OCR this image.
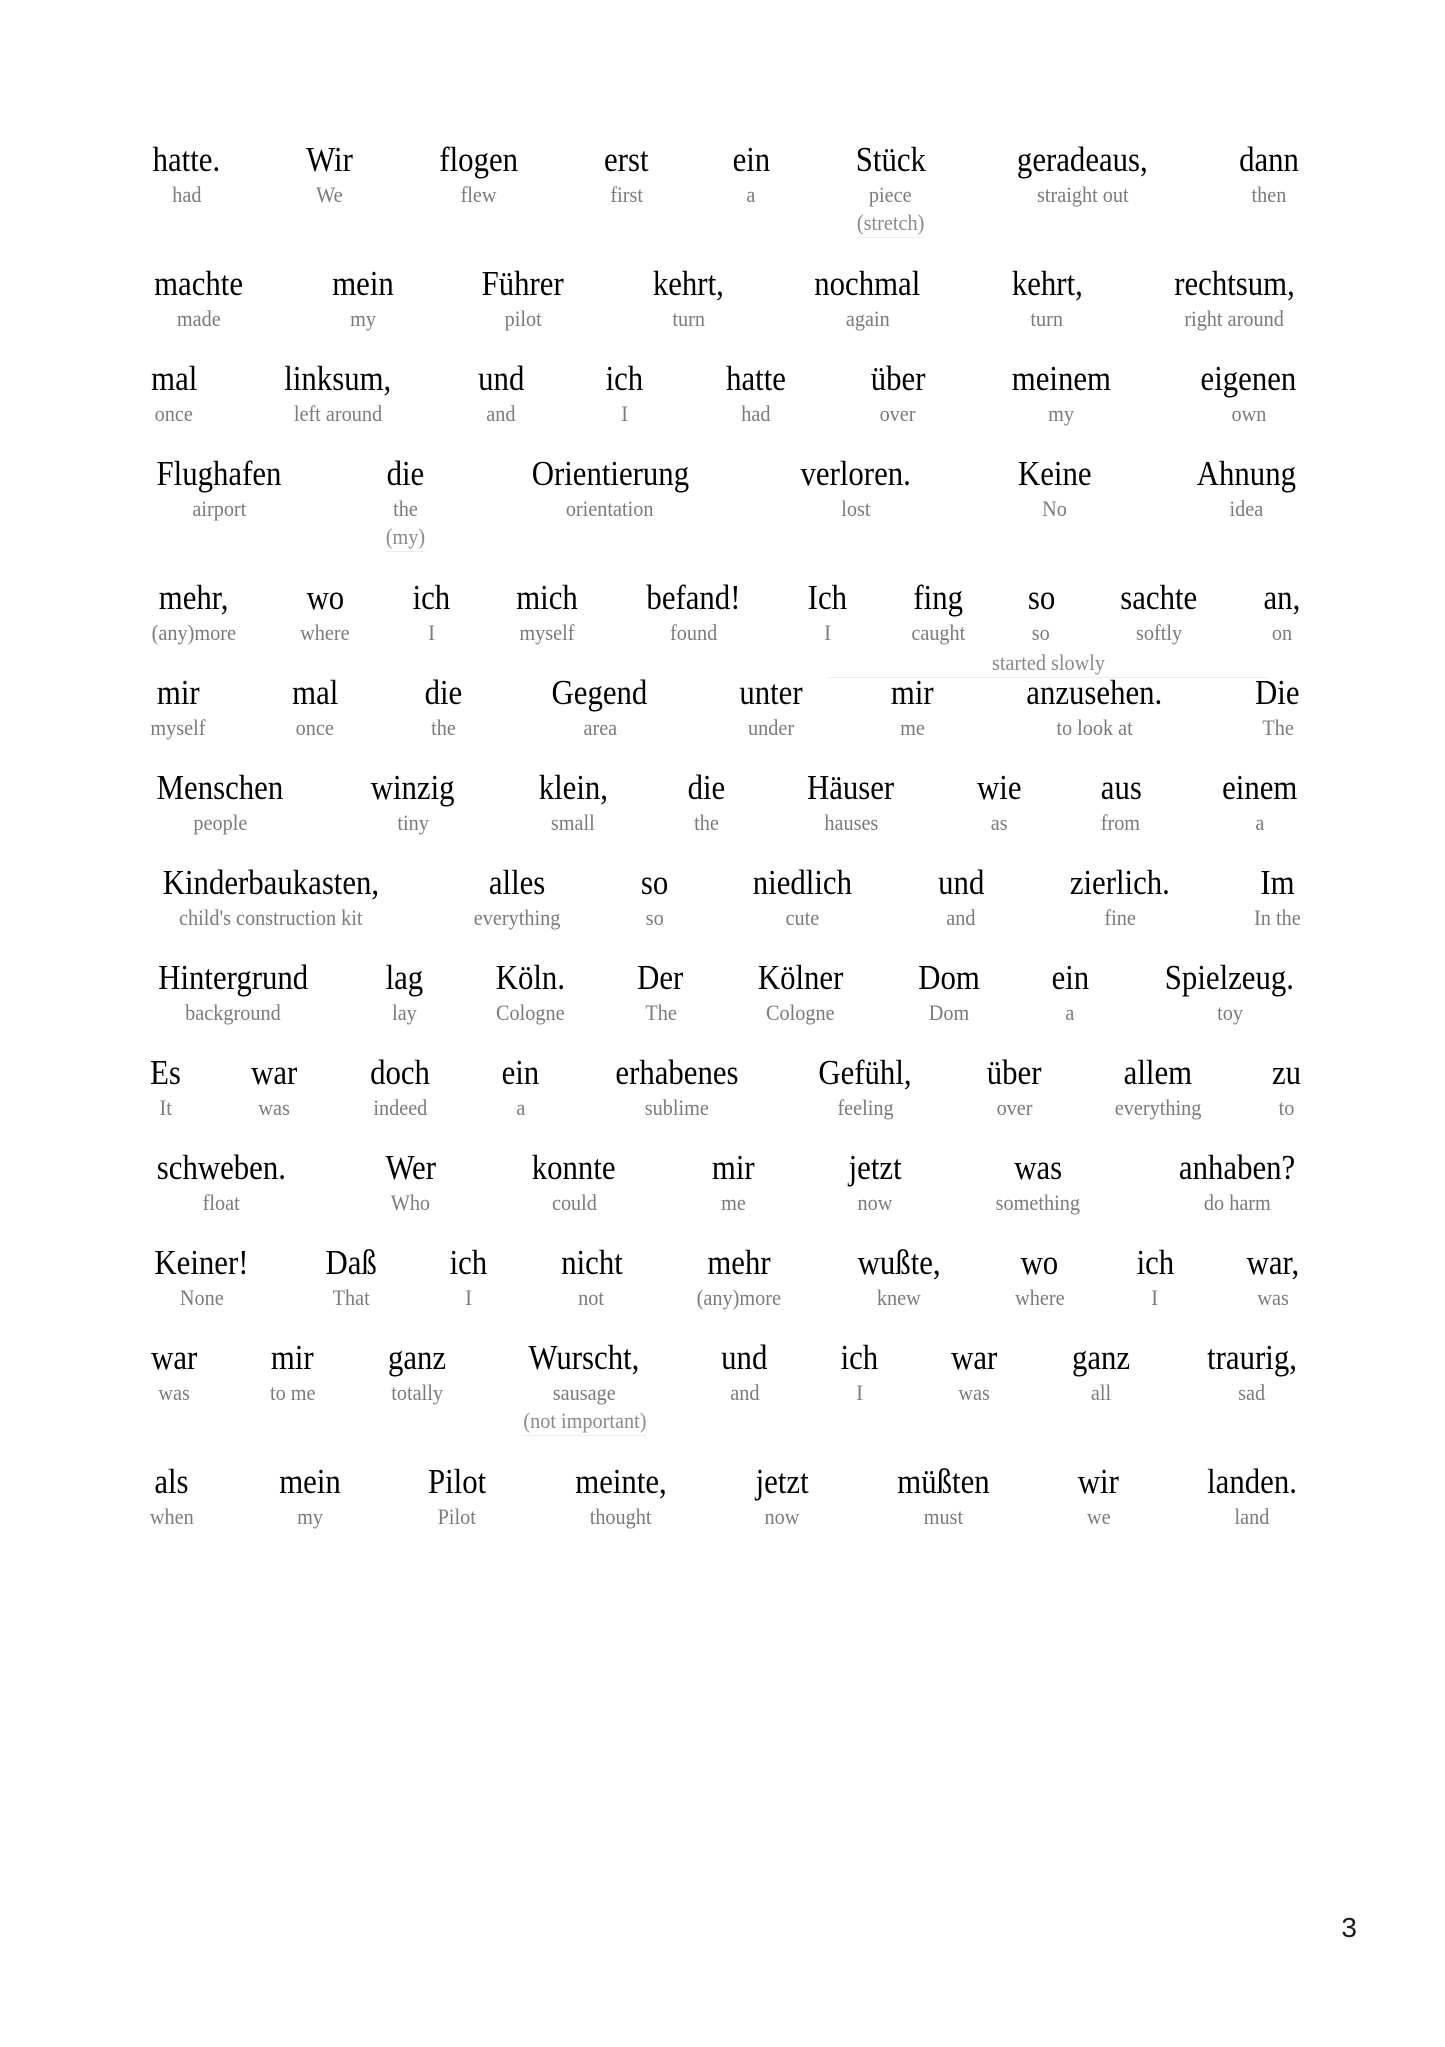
hatte.
had
Wir
We
flogen
flew
erst
first
ein
a
Stück
piece
(stretch)
geradeaus,
straight out
dann
then
machte
made
mein
my
Führer
pilot
kehrt,
turn
nochmal
again
kehrt,
turn
rechtsum,
right around
mal
once
linksum,
left around
und
and
ich
I
hatte
had
über
over
meinem
my
eigenen
own
Flughafen
airport
die
the
(my)
Orientierung
orientation
verloren.
lost
Keine
No
Ahnung
idea
mehr,
(any)more
wo
where
ich
I
mich
myself
befand!
found
Ich
I
fing
caught
so
so
sachte
softly
an,
on
started slowly
mir
myself
mal
once
die
the
Gegend
area
unter
under
mir
me
anzusehen.
to look at
Die
The
Menschen
people
winzig
tiny
klein,
small
die
the
Häuser
hauses
wie
as
aus
from
einem
a
Kinderbaukasten,
child's construction kit
alles
everything
so
so
niedlich
cute
und
and
zierlich.
fine
Im
In the
Hintergrund
background
lag
lay
Köln.
Cologne
Der
The
Kölner
Cologne
Dom
Dom
ein
a
Spielzeug.
toy
Es
It
war
was
doch
indeed
ein
a
erhabenes
sublime
Gefühl,
feeling
über
over
allem
everything
zu
to
schweben.
float
Wer
Who
konnte
could
mir
me
jetzt
now
was
something
anhaben?
do harm
Keiner!
None
Daß
That
ich
I
nicht
not
mehr
(any)more
wußte,
knew
wo
where
ich
I
war,
was
war
was
mir
to me
ganz
totally
Wurscht,
sausage
(not important)
und
and
ich
I
war
was
ganz
all
traurig,
sad
als
when
mein
my
Pilot
Pilot
meinte,
thought
jetzt
now
müßten
must
wir
we
landen.
land
3
